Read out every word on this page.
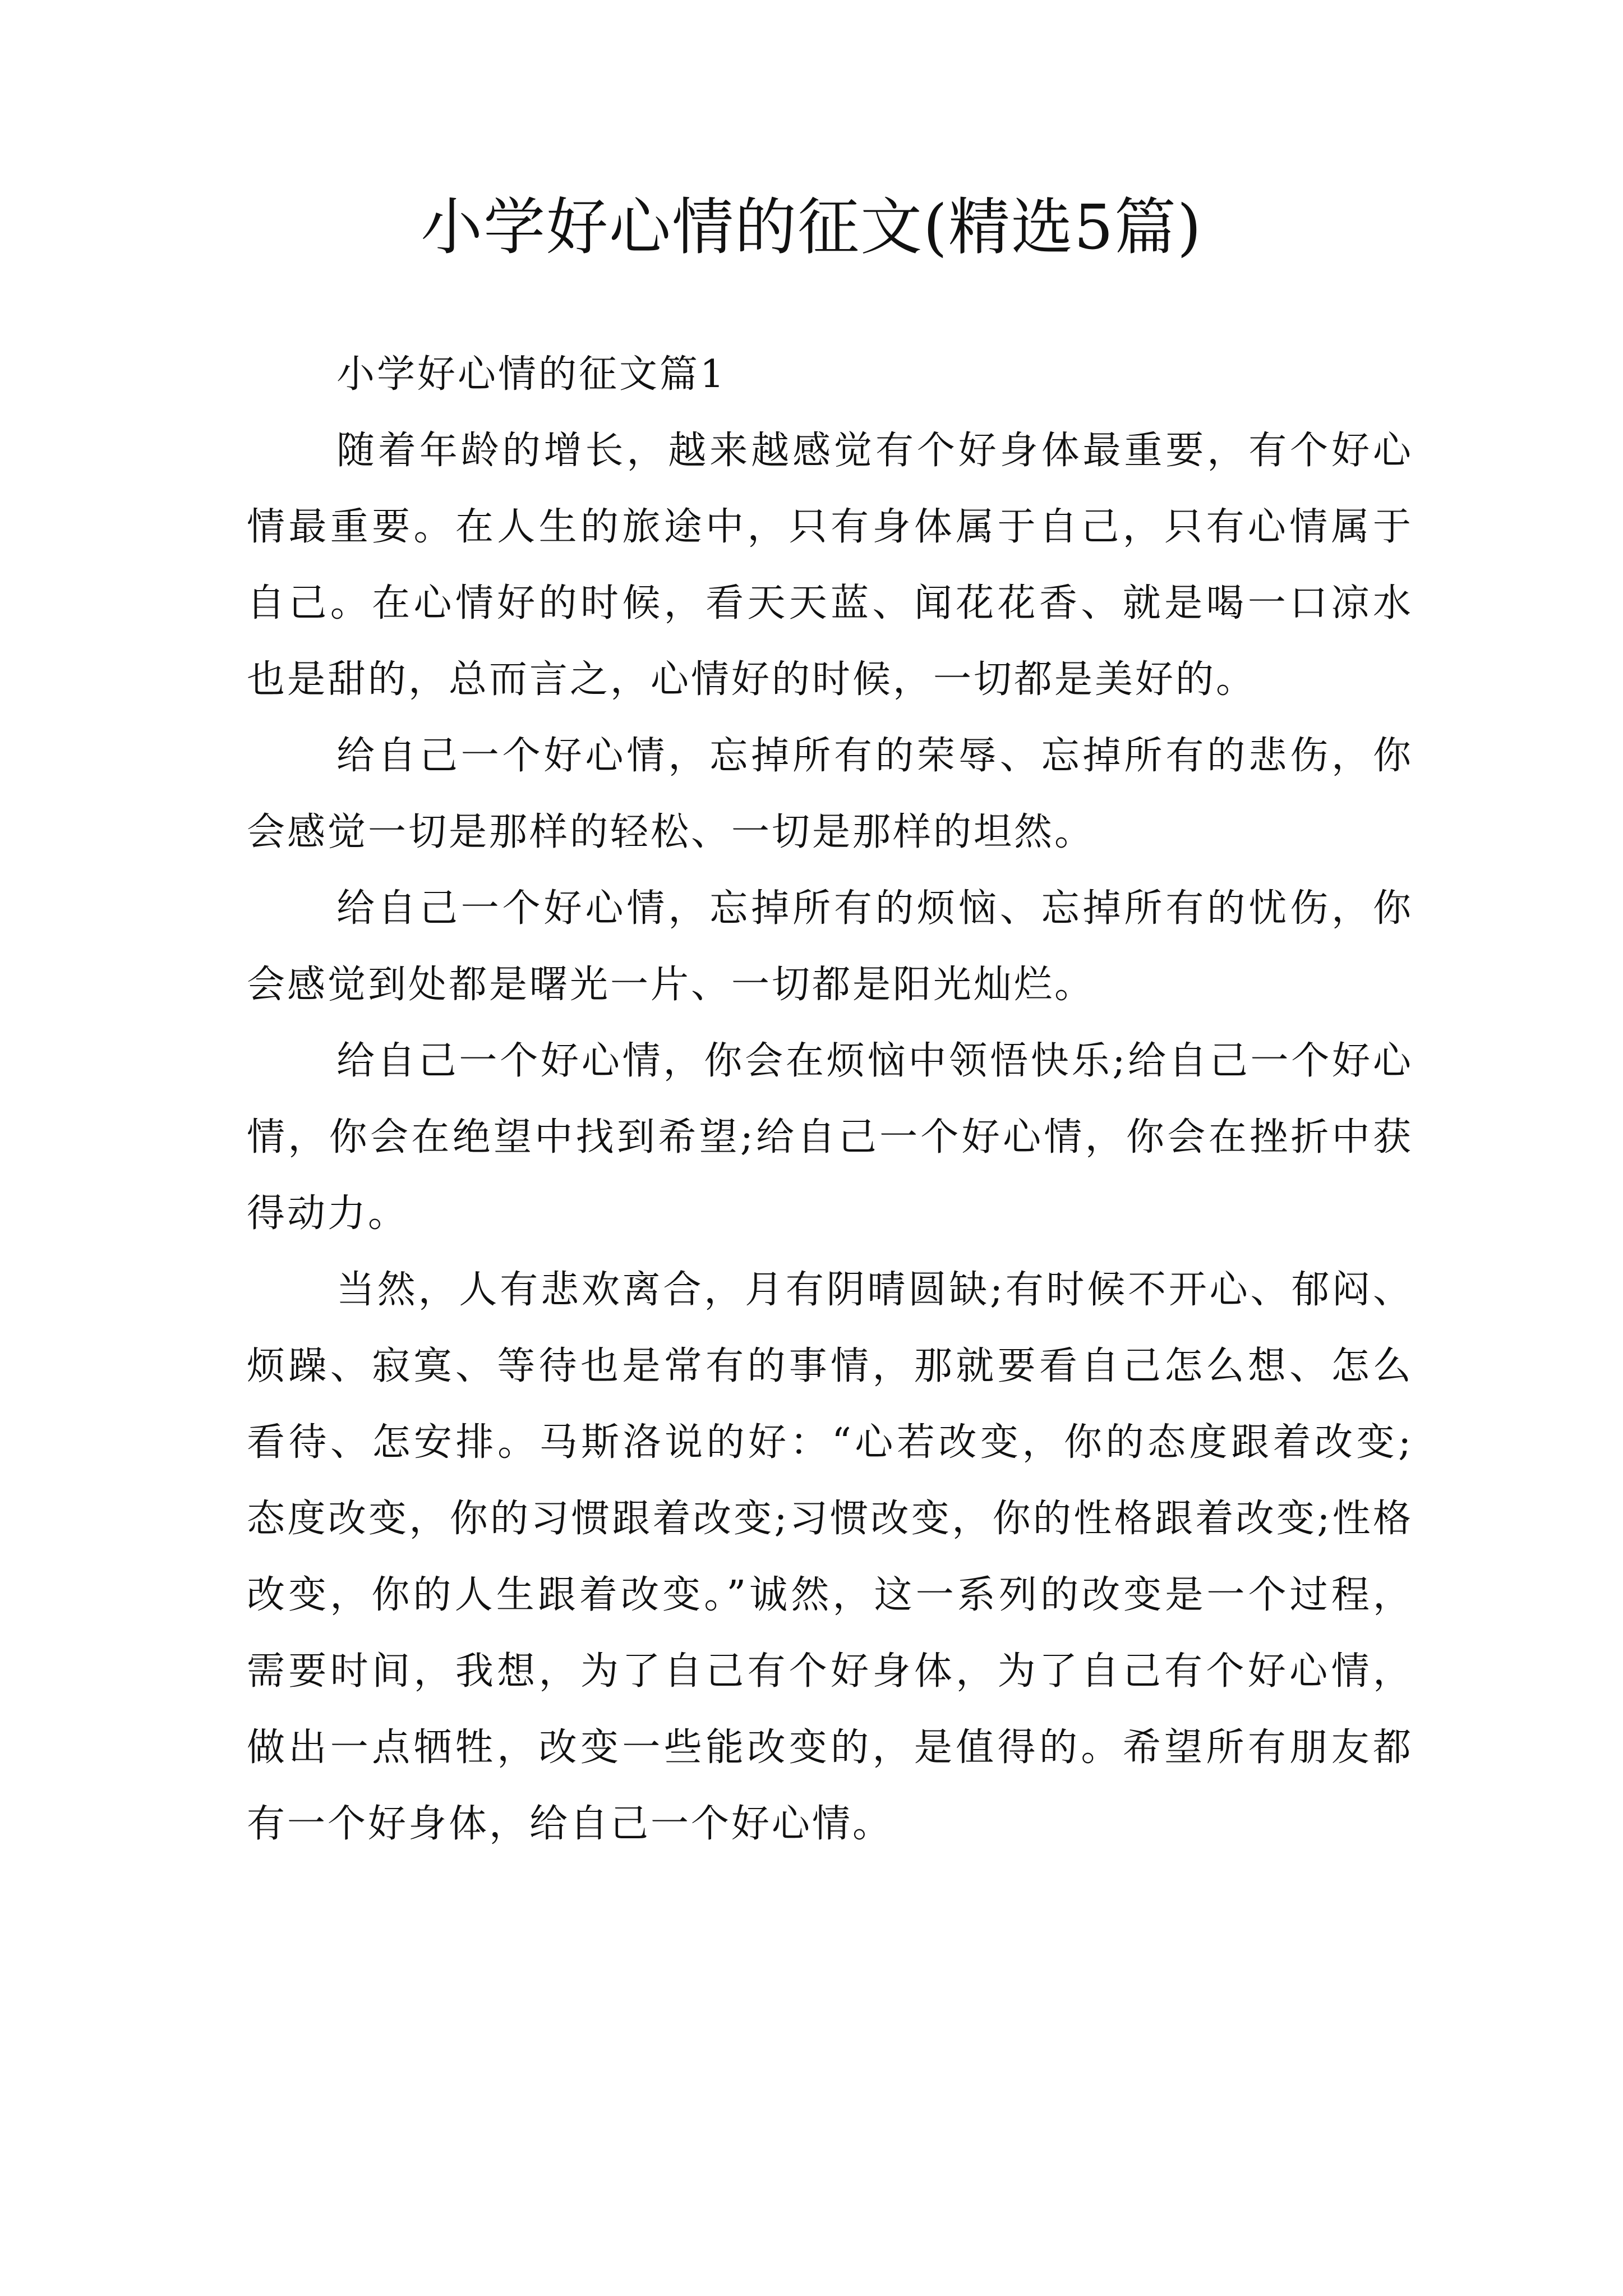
小学好心情的征文(精选5篇)

小学好心情的征文篇1

随着年龄的增长，越来越感觉有个好身体最重要，有个好心情最重要。在人生的旅途中，只有身体属于自己，只有心情属于自己。在心情好的时候，看天天蓝、闻花花香、就是喝一口凉水也是甜的，总而言之，心情好的时候，一切都是美好的。

给自己一个好心情，忘掉所有的荣辱、忘掉所有的悲伤，你会感觉一切是那样的轻松、一切是那样的坦然。

给自己一个好心情，忘掉所有的烦恼、忘掉所有的忧伤，你会感觉到处都是曙光一片、一切都是阳光灿烂。

给自己一个好心情，你会在烦恼中领悟快乐;给自己一个好心情，你会在绝望中找到希望;给自己一个好心情，你会在挫折中获得动力。

当然，人有悲欢离合，月有阴晴圆缺;有时候不开心、郁闷、烦躁、寂寞、等待也是常有的事情，那就要看自己怎么想、怎么看待、怎安排。马斯洛说的好：“心若改变，你的态度跟着改变;态度改变，你的习惯跟着改变;习惯改变，你的性格跟着改变;性格改变，你的人生跟着改变。”诚然，这一系列的改变是一个过程，需要时间，我想，为了自己有个好身体，为了自己有个好心情，做出一点牺牲，改变一些能改变的，是值得的。希望所有朋友都有一个好身体，给自己一个好心情。
